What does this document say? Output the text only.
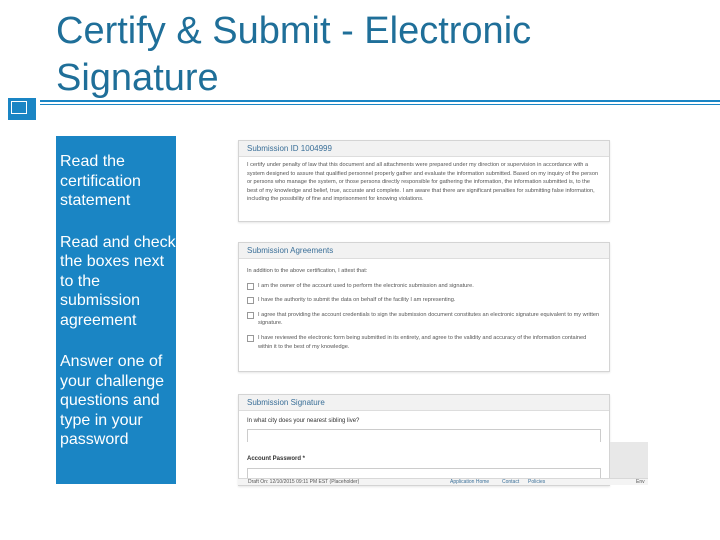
Certify & Submit - Electronic Signature
Read the certification statement
Read and check the boxes next to the submission agreement
Answer one of your challenge questions and type in your password
Submission ID 1004999
I certify under penalty of law that this document and all attachments were prepared under my direction or supervision in accordance with a system designed to assure that qualified personnel properly gather and evaluate the information submitted. Based on my inquiry of the person or persons who manage the system, or those persons directly responsible for gathering the information, the information submitted is, to the best of my knowledge and belief, true, accurate and complete. I am aware that there are significant penalties for submitting false information, including the possibility of fine and imprisonment for knowing violations.
Submission Agreements
In addition to the above certification, I attest that:
I am the owner of the account used to perform the electronic submission and signature.
I have the authority to submit the data on behalf of the facility I am representing.
I agree that providing the account credentials to sign the submission document constitutes an electronic signature equivalent to my written signature.
I have reviewed the electronic form being submitted in its entirety, and agree to the validity and accuracy of the information contained within it to the best of my knowledge.
Submission Signature
In what city does your nearest sibling live?
Account Password *
Draft On: 12/10/2015 09:11 PM EST (Placeholder)	Application Home	Contact Policies	Env
